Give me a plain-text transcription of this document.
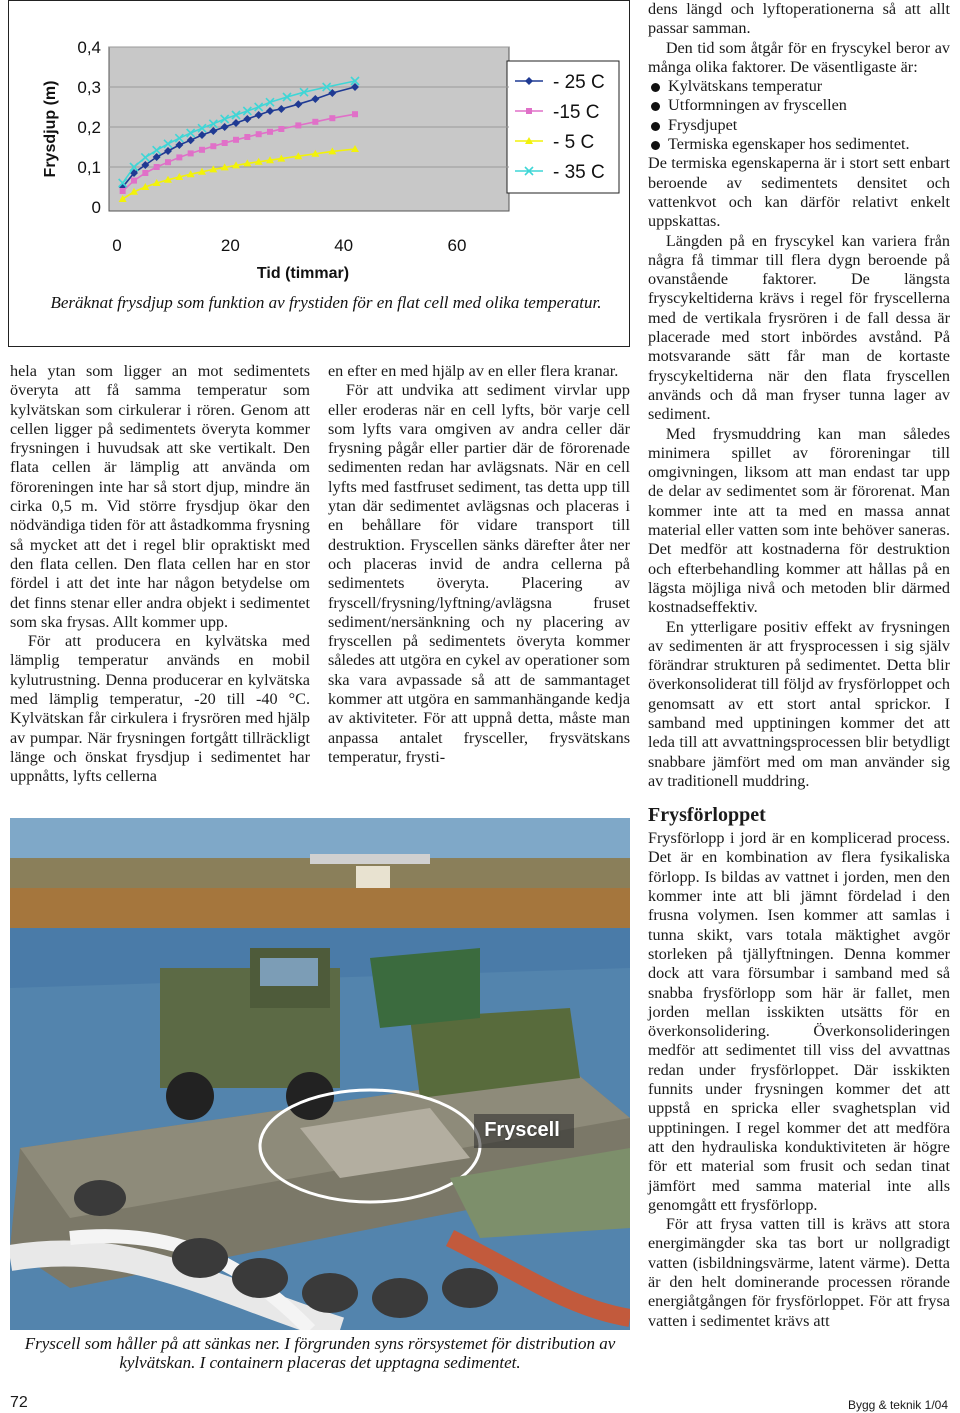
0
0,1
0,2
0,3
0,4
0	20	40	60
- 25 C
-15 C
- 5 C
- 35 C
Tid (timmar)
Frysdjup (m)
Beräknat frysdjup som funktion av frystiden för en flat cell med olika temperatur.

hela ytan som ligger an mot sedimentets överyta att få samma temperatur som kylvätskan som cirkulerar i rören. Genom att cellen ligger på sedimentets överyta kommer frysningen i huvudsak att ske vertikalt. Den flata cellen är lämplig att använda om föroreningen inte har så stort djup, mindre än cirka 0,5 m. Vid större frysdjup ökar den nödvändiga tiden för att åstadkomma frysning så mycket att det i regel blir opraktiskt med den flata cellen. Den flata cellen har en stor fördel i att det inte har någon betydelse om det finns stenar eller andra objekt i sedimentet som ska frysas. Allt kommer upp.

För att producera en kylvätska med lämplig temperatur används en mobil kylutrustning. Denna producerar en kylvätska med lämplig temperatur, -20 till -40 °C. Kylvätskan får cirkulera i frysrören med hjälp av pumpar. När frysningen fortgått tillräckligt länge och önskat frysdjup i sedimentet har uppnåtts, lyfts cellerna

en efter en med hjälp av en eller flera kranar.

För att undvika att sediment virvlar upp eller eroderas när en cell lyfts, bör varje cell som lyfts vara omgiven av andra celler där frysning pågår eller partier där de förorenade sedimenten redan har avlägsnats. När en cell lyfts med fastfruset sediment, tas detta upp till ytan där sedimentet avlägsnas och placeras i en behållare för vidare transport till destruktion. Fryscellen sänks därefter åter ner och placeras invid de andra cellerna på sedimentets överyta. Placering av fryscell/frysning/lyftning/avlägsna fruset sediment/nersänkning och ny placering av fryscellen på sedimentets överyta kommer således att utgöra en cykel av operationer som ska vara avpassade så att de sammantaget kommer att utgöra en sammanhängande kedja av aktiviteter. För att uppnå detta, måste man anpassa antalet frysceller, frysvätskans temperatur, frysti-

dens längd och lyftoperationerna så att allt passar samman.

Den tid som åtgår för en fryscykel beror av många olika faktorer. De väsentligaste är:

Kylvätskans temperatur
Utformningen av fryscellen
Frysdjupet
Termiska egenskaper hos sedimentet.

De termiska egenskaperna är i stort sett enbart beroende av sedimentets densitet och vattenkvot och kan därför relativt enkelt uppskattas.

Längden på en fryscykel kan variera från några få timmar till flera dygn beroende på ovanstående faktorer. De längsta fryscykeltiderna krävs i regel för fryscellerna med de vertikala frysrören i de fall dessa är placerade med stort inbördes avstånd. På motsvarande sätt får man de kortaste fryscykeltiderna när den flata fryscellen används och då man fryser tunna lager av sediment.

Med frysmuddring kan man således minimera spillet av föroreningar till omgivningen, liksom att man endast tar upp de delar av sedimentet som är förorenat. Man kommer inte att ta med en massa annat material eller vatten som inte behöver saneras. Det medför att kostnaderna för destruktion och efterbehandling kommer att hållas på en lägsta möjliga nivå och metoden blir därmed kostnadseffektiv.

En ytterligare positiv effekt av frysningen av sedimenten är att frysprocessen i sig själv förändrar strukturen på sedimentet. Detta blir överkonsoliderat till följd av frysförloppet och genomsatt av ett stort antal sprickor. I samband med upptiningen kommer det att leda till att avvattningsprocessen blir betydligt snabbare jämfört med om man använder sig av traditionell muddring.

Frysförloppet

Frysförlopp i jord är en komplicerad process. Det är en kombination av flera fysikaliska förlopp. Is bildas av vattnet i jorden, men den kommer inte att bli jämnt fördelad i den frusna volymen. Isen kommer att samlas i tunna skikt, vars totala mäktighet avgör storleken på tjällyftningen. Denna kommer dock att vara försumbar i samband med så snabba frysförlopp som här är fallet, men jorden mellan isskikten utsätts för en överkonsolidering. Överkonsolideringen medför att sedimentet till viss del avvattnas redan under frysförloppet. Där isskikten funnits under frysningen kommer det att uppstå en spricka eller svaghetsplan vid upptiningen. I regel kommer det att medföra att den hydrauliska konduktiviteten är högre för ett material som frusit och sedan tinat jämfört med samma material inte alls genomgått ett frysförlopp.

För att frysa vatten till is krävs att stora energimängder ska tas bort ur nollgradigt vatten (isbildningsvärme, latent värme). Detta är den helt dominerande processen rörande energiåtgången för frysförloppet. För att frysa vatten i sedimentet krävs att

Fryscell
Fryscell som håller på att sänkas ner. I förgrunden syns rörsystemet för distribution av kylvätskan. I containern placeras det upptagna sedimentet.
72	Bygg & teknik 1/04
